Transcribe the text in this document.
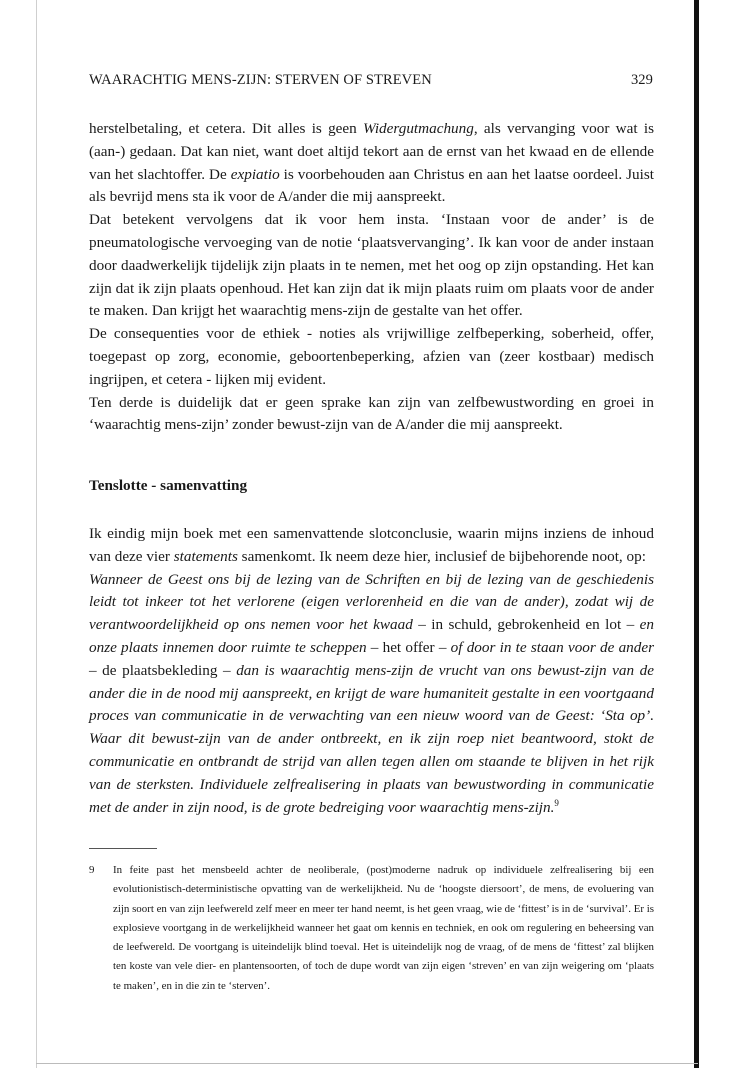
WAARACHTIG MENS-ZIJN: STERVEN OF STREVEN	329

herstelbetaling, et cetera. Dit alles is geen Widergutmachung, als vervanging voor wat is (aan-) gedaan. Dat kan niet, want doet altijd tekort aan de ernst van het kwaad en de ellende van het slachtoffer. De expiatio is voorbehouden aan Christus en aan het laatse oordeel. Juist als bevrijd mens sta ik voor de A/ander die mij aanspreekt.

Dat betekent vervolgens dat ik voor hem insta. ‘Instaan voor de ander’ is de pneumatologische vervoeging van de notie ‘plaatsvervanging’. Ik kan voor de ander instaan door daadwerkelijk tijdelijk zijn plaats in te nemen, met het oog op zijn opstanding. Het kan zijn dat ik zijn plaats openhoud. Het kan zijn dat ik mijn plaats ruim om plaats voor de ander te maken. Dan krijgt het waarachtig mens-zijn de gestalte van het offer.

De consequenties voor de ethiek - noties als vrijwillige zelfbeperking, soberheid, offer, toegepast op zorg, economie, geboortenbeperking, afzien van (zeer kostbaar) medisch ingrijpen, et cetera - lijken mij evident.

Ten derde is duidelijk dat er geen sprake kan zijn van zelfbewustwording en groei in ‘waarachtig mens-zijn’ zonder bewust-zijn van de A/ander die mij aanspreekt.

Tenslotte - samenvatting

Ik eindig mijn boek met een samenvattende slotconclusie, waarin mijns inziens de inhoud van deze vier statements samenkomt. Ik neem deze hier, inclusief de bijbehorende noot, op:

Wanneer de Geest ons bij de lezing van de Schriften en bij de lezing van de geschiedenis leidt tot inkeer tot het verlorene (eigen verlorenheid en die van de ander), zodat wij de verantwoordelijkheid op ons nemen voor het kwaad – in schuld, gebrokenheid en lot – en onze plaats innemen door ruimte te scheppen – het offer – of door in te staan voor de ander – de plaatsbekleding – dan is waarachtig mens-zijn de vrucht van ons bewust-zijn van de ander die in de nood mij aanspreekt, en krijgt de ware humaniteit gestalte in een voortgaand proces van communicatie in de verwachting van een nieuw woord van de Geest: ‘Sta op’. Waar dit bewust-zijn van de ander ontbreekt, en ik zijn roep niet beantwoord, stokt de communicatie en ontbrandt de strijd van allen tegen allen om staande te blijven in het rijk van de sterksten. Individuele zelfrealisering in plaats van bewustwording in communicatie met de ander in zijn nood, is de grote bedreiging voor waarachtig mens-zijn.$^9$

9 In feite past het mensbeeld achter de neoliberale, (post)moderne nadruk op individuele zelfrealisering bij een evolutionistisch-deterministische opvatting van de werkelijkheid. Nu de ‘hoogste diersoort’, de mens, de evoluering van zijn soort en van zijn leefwereld zelf meer en meer ter hand neemt, is het geen vraag, wie de ‘fittest’ is in de ‘survival’. Er is explosieve voortgang in de werkelijkheid wanneer het gaat om kennis en techniek, en ook om regulering en beheersing van de leefwereld. De voortgang is uiteindelijk blind toeval. Het is uiteindelijk nog de vraag, of de mens de ‘fittest’ zal blijken ten koste van vele dier- en plantensoorten, of toch de dupe wordt van zijn eigen ‘streven’ en van zijn weigering om ‘plaats te maken’, en in die zin te ‘sterven’.
